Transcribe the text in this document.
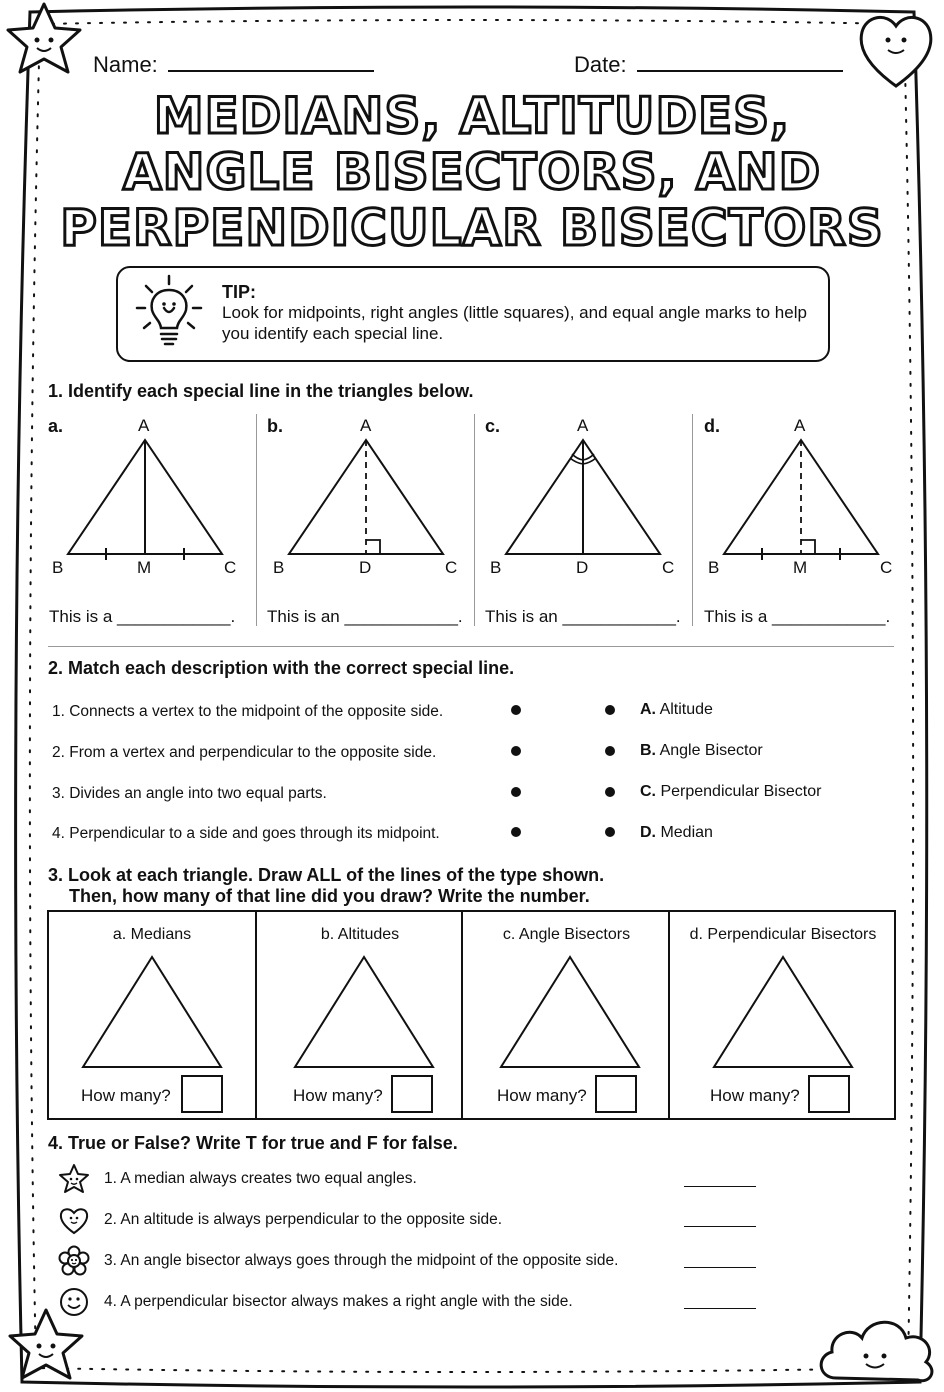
Name:	Date:
MEDIANS, ALTITUDES,
ANGLE BISECTORS, AND
PERPENDICULAR BISECTORS
TIP:
Look for midpoints, right angles (little squares), and equal angle marks to help you identify each special line.
1. Identify each special line in the triangles below.
a.	A
B	M	C
This is a ____________.
b.	A
B	D	C
This is an ____________.
c.	A
B	D	C
This is an ____________.
d.	A
B	M	C
This is a ____________.
2. Match each description with the correct special line.
1. Connects a vertex to the midpoint of the opposite side.
2. From a vertex and perpendicular to the opposite side.
3. Divides an angle into two equal parts.
4. Perpendicular to a side and goes through its midpoint.
A. Altitude
B. Angle Bisector
C. Perpendicular Bisector
D. Median
3. Look at each triangle. Draw ALL of the lines of the type shown.
Then, how many of that line did you draw? Write the number.
a. Medians
How many?
b. Altitudes
How many?
c. Angle Bisectors
How many?
d. Perpendicular Bisectors
How many?
4. True or False? Write T for true and F for false.
1. A median always creates two equal angles.
2. An altitude is always perpendicular to the opposite side.
3. An angle bisector always goes through the midpoint of the opposite side.
4. A perpendicular bisector always makes a right angle with the side.
